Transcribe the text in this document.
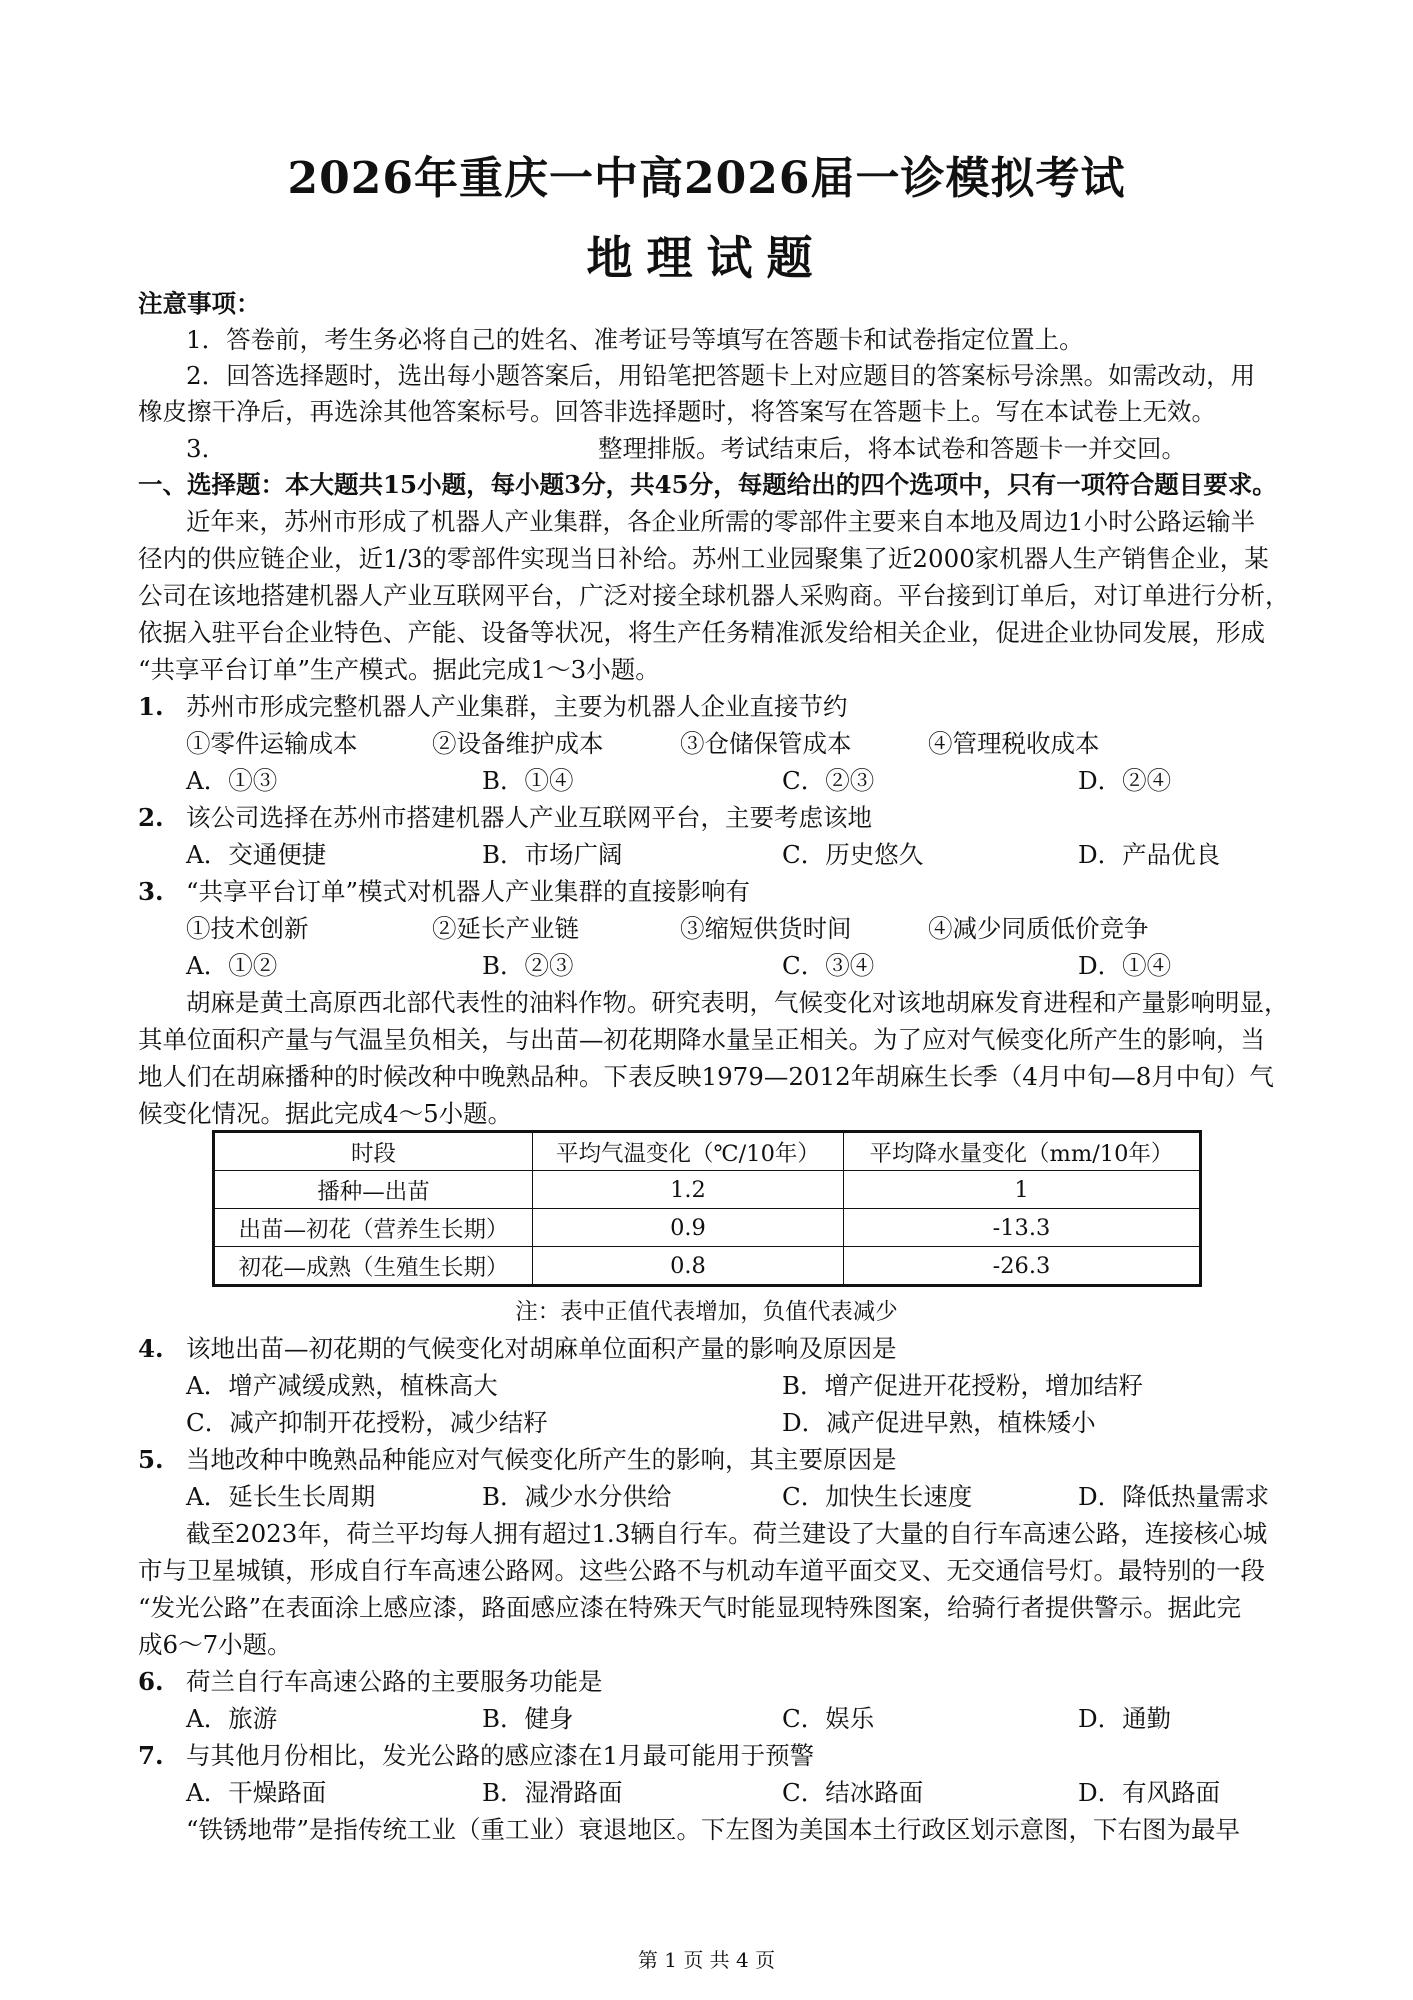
2026年重庆一中高2026届一诊模拟考试
地理试题
注意事项：
1．答卷前，考生务必将自己的姓名、准考证号等填写在答题卡和试卷指定位置上。
2．回答选择题时，选出每小题答案后，用铅笔把答题卡上对应题目的答案标号涂黑。如需改动，用
橡皮擦干净后，再选涂其他答案标号。回答非选择题时，将答案写在答题卡上。写在本试卷上无效。
3．	整理排版。考试结束后，将本试卷和答题卡一并交回。
一、选择题：本大题共15小题，每小题3分，共45分，每题给出的四个选项中，只有一项符合题目要求。
近年来，苏州市形成了机器人产业集群，各企业所需的零部件主要来自本地及周边1小时公路运输半
径内的供应链企业，近1/3的零部件实现当日补给。苏州工业园聚集了近2000家机器人生产销售企业，某
公司在该地搭建机器人产业互联网平台，广泛对接全球机器人采购商。平台接到订单后，对订单进行分析，
依据入驻平台企业特色、产能、设备等状况，将生产任务精准派发给相关企业，促进企业协同发展，形成
“共享平台订单”生产模式。据此完成1～3小题。
1. 苏州市形成完整机器人产业集群，主要为机器人企业直接节约
①零件运输成本	②设备维护成本	③仓储保管成本	④管理税收成本
A．①③	B．①④	C．②③	D．②④
2. 该公司选择在苏州市搭建机器人产业互联网平台，主要考虑该地
A．交通便捷	B．市场广阔	C．历史悠久	D．产品优良
3. “共享平台订单”模式对机器人产业集群的直接影响有
①技术创新	②延长产业链	③缩短供货时间	④减少同质低价竞争
A．①②	B．②③	C．③④	D．①④
胡麻是黄土高原西北部代表性的油料作物。研究表明，气候变化对该地胡麻发育进程和产量影响明显，
其单位面积产量与气温呈负相关，与出苗—初花期降水量呈正相关。为了应对气候变化所产生的影响，当
地人们在胡麻播种的时候改种中晚熟品种。下表反映1979—2012年胡麻生长季（4月中旬—8月中旬）气
候变化情况。据此完成4～5小题。
时段	平均气温变化（℃/10年）	平均降水量变化（mm/10年）
播种—出苗	1.2	1
出苗—初花（营养生长期）	0.9	-13.3
初花—成熟（生殖生长期）	0.8	-26.3
注：表中正值代表增加，负值代表减少
4. 该地出苗—初花期的气候变化对胡麻单位面积产量的影响及原因是
A．增产减缓成熟，植株高大	B．增产促进开花授粉，增加结籽
C．减产抑制开花授粉，减少结籽	D．减产促进早熟，植株矮小
5. 当地改种中晚熟品种能应对气候变化所产生的影响，其主要原因是
A．延长生长周期	B．减少水分供给	C．加快生长速度	D．降低热量需求
截至2023年，荷兰平均每人拥有超过1.3辆自行车。荷兰建设了大量的自行车高速公路，连接核心城
市与卫星城镇，形成自行车高速公路网。这些公路不与机动车道平面交叉、无交通信号灯。最特别的一段
“发光公路”在表面涂上感应漆，路面感应漆在特殊天气时能显现特殊图案，给骑行者提供警示。据此完
成6～7小题。
6. 荷兰自行车高速公路的主要服务功能是
A．旅游	B．健身	C．娱乐	D．通勤
7. 与其他月份相比，发光公路的感应漆在1月最可能用于预警
A．干燥路面	B．湿滑路面	C．结冰路面	D．有风路面
“铁锈地带”是指传统工业（重工业）衰退地区。下左图为美国本土行政区划示意图，下右图为最早
第 1 页 共 4 页
